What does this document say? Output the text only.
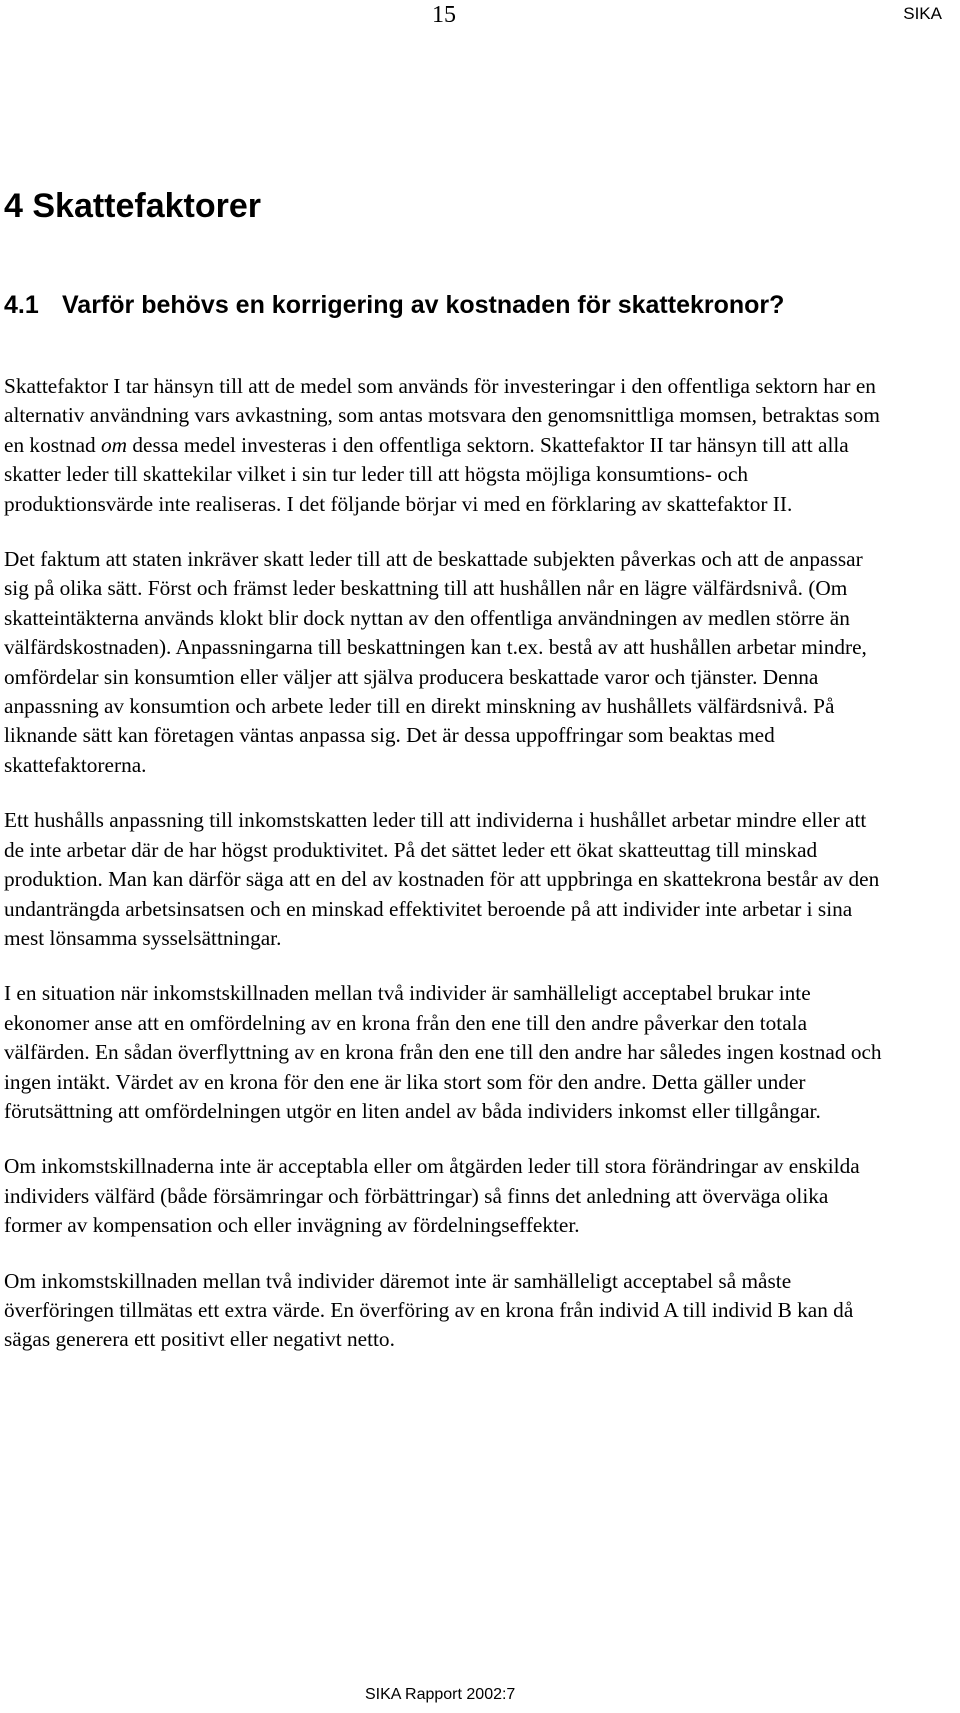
15	SIKA
4 Skattefaktorer
4.1 Varför behövs en korrigering av kostnaden för skattekronor?

Skattefaktor I tar hänsyn till att de medel som används för investeringar i den offentliga sektorn har en alternativ användning vars avkastning, som antas motsvara den genomsnittliga momsen, betraktas som en kostnad om dessa medel investeras i den offentliga sektorn. Skattefaktor II tar hänsyn till att alla skatter leder till skattekilar vilket i sin tur leder till att högsta möjliga konsumtions- och produktionsvärde inte realiseras. I det följande börjar vi med en förklaring av skattefaktor II.

Det faktum att staten inkräver skatt leder till att de beskattade subjekten påverkas och att de anpassar sig på olika sätt. Först och främst leder beskattning till att hushållen når en lägre välfärdsnivå. (Om skatteintäkterna används klokt blir dock nyttan av den offentliga användningen av medlen större än välfärdskostnaden). Anpassningarna till beskattningen kan t.ex. bestå av att hushållen arbetar mindre, omfördelar sin konsumtion eller väljer att själva producera beskattade varor och tjänster. Denna anpassning av konsumtion och arbete leder till en direkt minskning av hushållets välfärdsnivå. På liknande sätt kan företagen väntas anpassa sig. Det är dessa uppoffringar som beaktas med skattefaktorerna.

Ett hushålls anpassning till inkomstskatten leder till att individerna i hushållet arbetar mindre eller att de inte arbetar där de har högst produktivitet. På det sättet leder ett ökat skatteuttag till minskad produktion. Man kan därför säga att en del av kostnaden för att uppbringa en skattekrona består av den undanträngda arbetsinsatsen och en minskad effektivitet beroende på att individer inte arbetar i sina mest lönsamma sysselsättningar.

I en situation när inkomstskillnaden mellan två individer är samhälleligt acceptabel brukar inte ekonomer anse att en omfördelning av en krona från den ene till den andre påverkar den totala välfärden. En sådan överflyttning av en krona från den ene till den andre har således ingen kostnad och ingen intäkt. Värdet av en krona för den ene är lika stort som för den andre. Detta gäller under förutsättning att omfördelningen utgör en liten andel av båda individers inkomst eller tillgångar.

Om inkomstskillnaderna inte är acceptabla eller om åtgärden leder till stora förändringar av enskilda individers välfärd (både försämringar och förbättringar) så finns det anledning att överväga olika former av kompensation och eller invägning av fördelningseffekter.

Om inkomstskillnaden mellan två individer däremot inte är samhälleligt acceptabel så måste överföringen tillmätas ett extra värde. En överföring av en krona från individ A till individ B kan då sägas generera ett positivt eller negativt netto.

SIKA Rapport 2002:7
